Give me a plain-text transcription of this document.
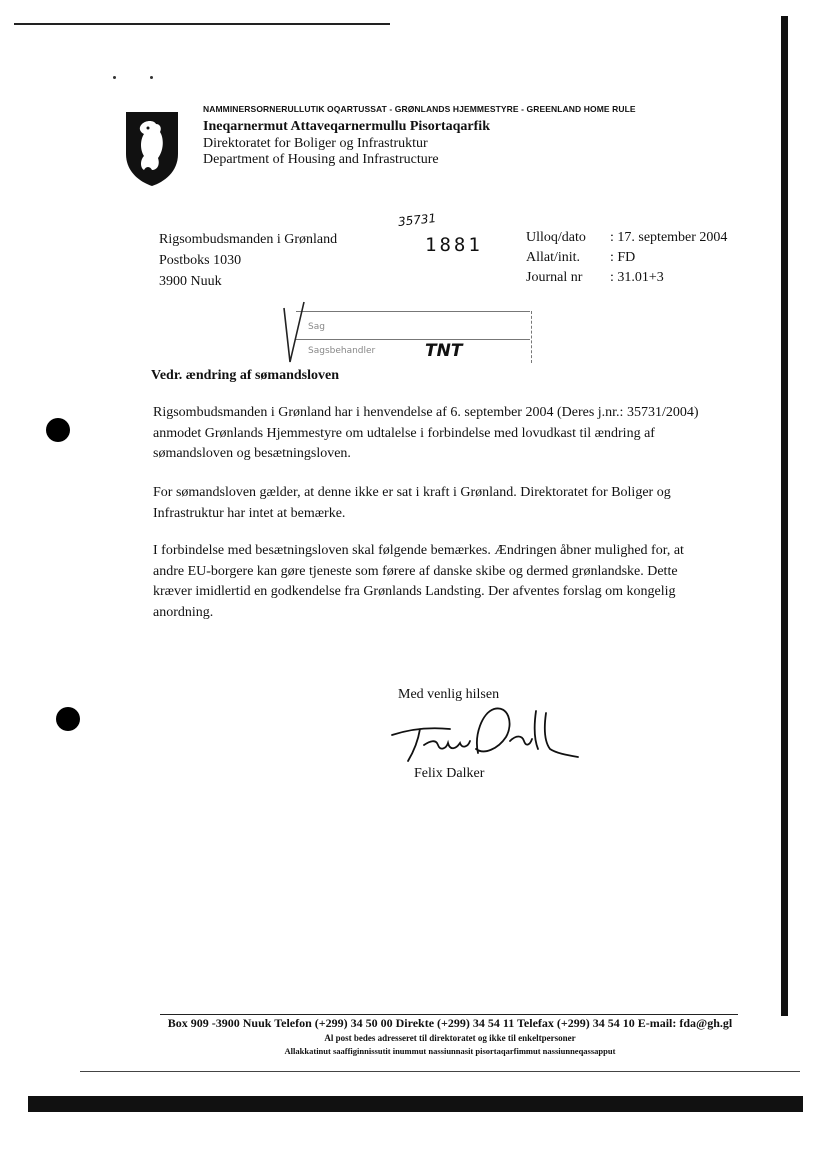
NAMMINERSORNERULLUTIK OQARTUSSAT - GRØNLANDS HJEMMESTYRE - GREENLAND HOME RULE
Ineqarnermut Attaveqarnermullu Pisortaqarfik
Direktoratet for Boliger og Infrastruktur
Department of Housing and Infrastructure
Rigsombudsmanden i Grønland
Postboks 1030
3900 Nuuk
Ulloq/dato : 17. september 2004
Allat/init. : FD
Journal nr : 31.01+3
35731
1881
Sag
Sagsbehandler	TNT
Vedr. ændring af sømandsloven
Rigsombudsmanden i Grønland har i henvendelse af 6. september 2004 (Deres j.nr.: 35731/2004)
anmodet Grønlands Hjemmestyre om udtalelse i forbindelse med lovudkast til ændring af
sømandsloven og besætningsloven.
For sømandsloven gælder, at denne ikke er sat i kraft i Grønland. Direktoratet for Boliger og
Infrastruktur har intet at bemærke.
I forbindelse med besætningsloven skal følgende bemærkes. Ændringen åbner mulighed for, at
andre EU-borgere kan gøre tjeneste som førere af danske skibe og dermed grønlandske. Dette
kræver imidlertid en godkendelse fra Grønlands Landsting. Der afventes forslag om kongelig
anordning.
Med venlig hilsen
Felix Dalker
Box 909 -3900 Nuuk Telefon (+299) 34 50 00 Direkte (+299) 34 54 11 Telefax (+299) 34 54 10 E-mail: fda@gh.gl
Al post bedes adresseret til direktoratet og ikke til enkeltpersoner
Allakkatinut saaffiginnissutit inummut nassiunnasit pisortaqarfimmut nassiunneqassapput
